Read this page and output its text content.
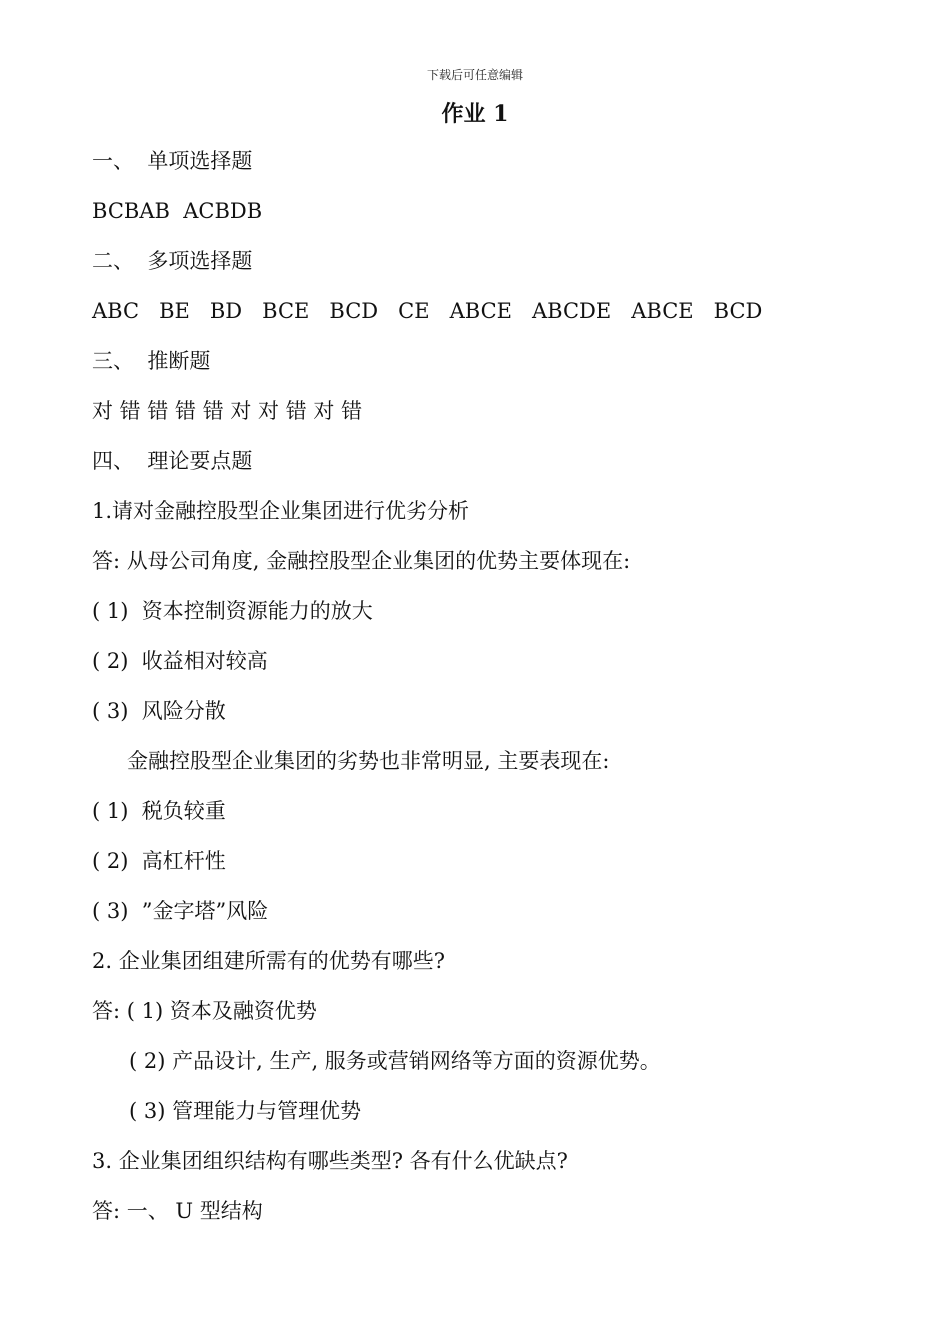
下载后可任意编辑
作业 1
一、  单项选择题
BCBAB  ACBDB
二、  多项选择题
ABC   BE   BD   BCE   BCD   CE   ABCE   ABCDE   ABCE   BCD
三、  推断题
对 错 错 错 错 对 对 错 对 错
四、  理论要点题
1.请对金融控股型企业集团进行优劣分析
答: 从母公司角度, 金融控股型企业集团的优势主要体现在:
( 1)  资本控制资源能力的放大
( 2)  收益相对较高
( 3)  风险分散
金融控股型企业集团的劣势也非常明显, 主要表现在:
( 1)  税负较重
( 2)  高杠杆性
( 3)  ”金字塔”风险
2. 企业集团组建所需有的优势有哪些?
答: ( 1) 资本及融资优势
( 2) 产品设计, 生产, 服务或营销网络等方面的资源优势。
( 3) 管理能力与管理优势
3. 企业集团组织结构有哪些类型? 各有什么优缺点?
答: 一、 U 型结构
